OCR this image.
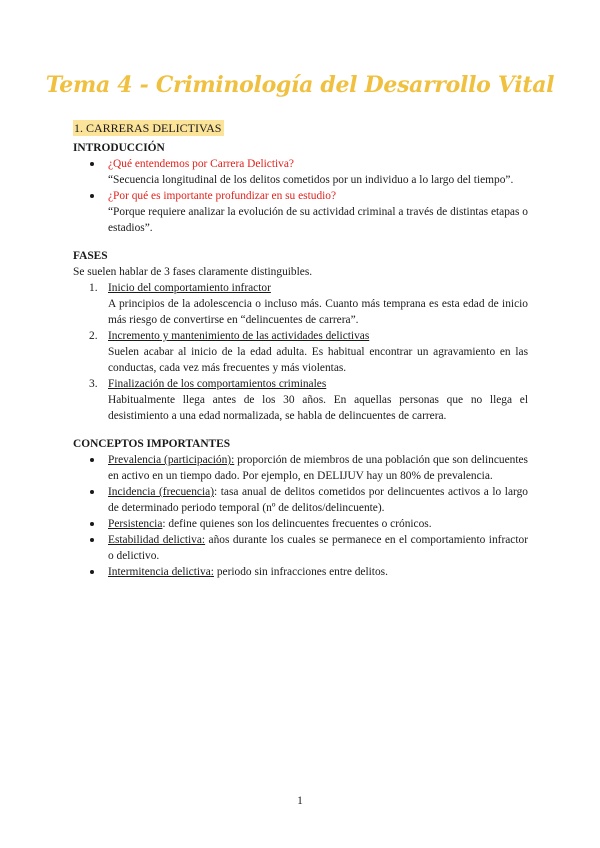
Tema 4 - Criminología del Desarrollo Vital
1. CARRERAS DELICTIVAS
INTRODUCCIÓN

¿Qué entendemos por Carrera Delictiva?

“Secuencia longitudinal de los delitos cometidos por un individuo a lo largo del tiempo”.

¿Por qué es importante profundizar en su estudio?

“Porque requiere analizar la evolución de su actividad criminal a través de distintas etapas o estadios”.

FASES

Se suelen hablar de 3 fases claramente distinguibles.

1. Inicio del comportamiento infractor

A principios de la adolescencia o incluso más. Cuanto más temprana es esta edad de inicio más riesgo de convertirse en “delincuentes de carrera”.

2. Incremento y mantenimiento de las actividades delictivas

Suelen acabar al inicio de la edad adulta. Es habitual encontrar un agravamiento en las conductas, cada vez más frecuentes y más violentas.

3. Finalización de los comportamientos criminales

Habitualmente llega antes de los 30 años. En aquellas personas que no llega el desistimiento a una edad normalizada, se habla de delincuentes de carrera.

CONCEPTOS IMPORTANTES
Prevalencia (participación): proporción de miembros de una población que son delincuentes en activo en un tiempo dado. Por ejemplo, en DELIJUV hay un 80% de prevalencia.
Incidencia (frecuencia): tasa anual de delitos cometidos por delincuentes activos a lo largo de determinado periodo temporal (nº de delitos/delincuente).
Persistencia: define quienes son los delincuentes frecuentes o crónicos.
Estabilidad delictiva: años durante los cuales se permanece en el comportamiento infractor o delictivo.
Intermitencia delictiva: periodo sin infracciones entre delitos.
1
